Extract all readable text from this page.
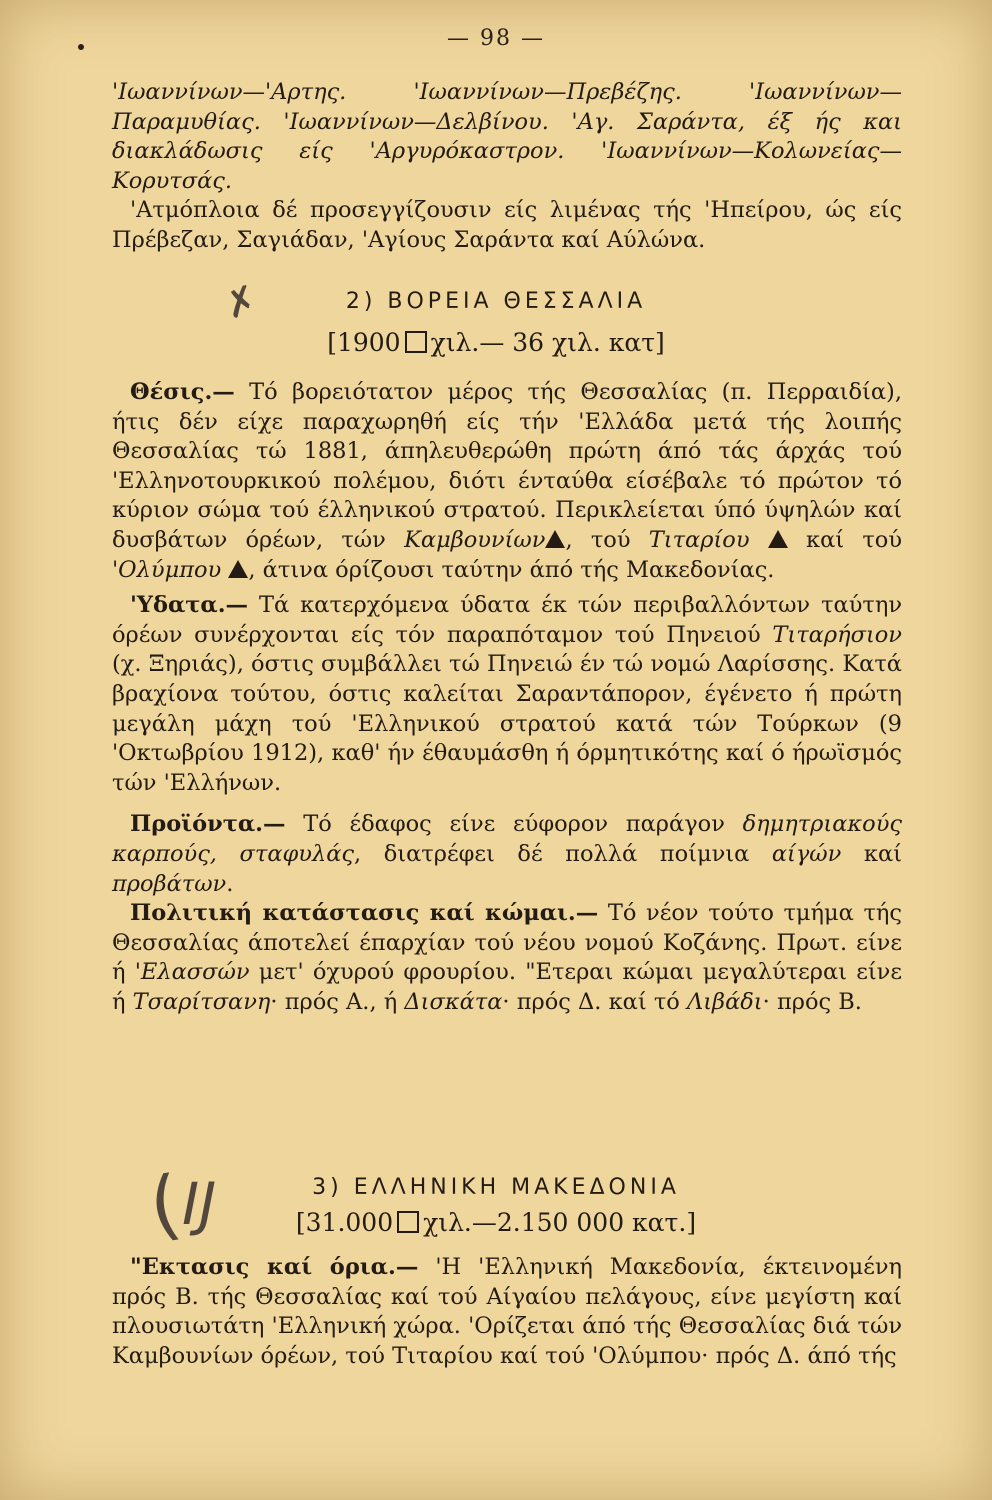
— 98 —

'Ιωαννίνων—'Αρτης. 'Ιωαννίνων—Πρεβέζης. 'Ιωαννίνων—Παραμυθίας. 'Ιωαννίνων—Δελβίνου. 'Αγ. Σαράντα, έξ ής και διακλάδωσις είς 'Αργυρόκαστρον. 'Ιωαννίνων—Κολωνείας—Κορυτσάς.

'Ατμόπλοια δέ προσεγγίζουσιν είς λιμένας τής 'Ηπείρου, ώς είς Πρέβεζαν, Σαγιάδαν, 'Αγίους Σαράντα καί Αύλώνα.

✗	2) ΒΟΡΕΙΑ ΘΕΣΣΑΛΙΑ
[1900 χιλ.— 36 χιλ. κατ]

Θέσις.— Τό βορειότατον μέρος τής Θεσσαλίας (π. Περραιδία), ήτις δέν είχε παραχωρηθή είς τήν 'Ελλάδα μετά τής λοιπής Θεσσαλίας τώ 1881, άπηλευθερώθη πρώτη άπό τάς άρχάς τού 'Ελληνοτουρκικού πολέμου, διότι ένταύθα είσέβαλε τό πρώτον τό κύριον σώμα τού έλληνικού στρατού. Περικλείεται ύπό ύψηλών καί δυσβάτων όρέων, τών Καμβουνίων , τού Τιταρίου  καί τού 'Ολύμπου , άτινα όρίζουσι ταύτην άπό τής Μακεδονίας.

'Υδατα.— Τά κατερχόμενα ύδατα έκ τών περιβαλλόντων ταύτην όρέων συνέρχονται είς τόν παραπόταμον τού Πηνειού Τιταρήσιον (χ. Ξηριάς), όστις συμβάλλει τώ Πηνειώ έν τώ νομώ Λαρίσσης. Κατά βραχίονα τούτου, όστις καλείται Σαραντάπορον, έγένετο ή πρώτη μεγάλη μάχη τού 'Ελληνικού στρατού κατά τών Τούρκων (9 'Οκτωβρίου 1912), καθ' ήν έθαυμάσθη ή όρμητικότης καί ό ήρωϊσμός τών 'Ελλήνων.

Προϊόντα.— Τό έδαφος είνε εύφορον παράγον δημητριακούς καρπούς, σταφυλάς, διατρέφει δέ πολλά ποίμνια αίγών καί προβάτων.

Πολιτική κατάστασις καί κώμαι.— Τό νέον τούτο τμήμα τής Θεσσαλίας άποτελεί έπαρχίαν τού νέου νομού Κοζάνης. Πρωτ. είνε ή 'Ελασσών μετ' όχυρού φρουρίου. "Ετεραι κώμαι μεγαλύτεραι είνε ή Τσαρίτσανη· πρός Α., ή Δισκάτα· πρός Δ. καί τό Λιβάδι· πρός Β.

(
IJ	3) ΕΛΛΗΝΙΚΗ ΜΑΚΕΔΟΝΙΑ
[31.000 χιλ.—2.150 000 κατ.]

"Εκτασις καί όρια.— 'Η 'Ελληνική Μακεδονία, έκτεινομένη πρός Β. τής Θεσσαλίας καί τού Αίγαίου πελάγους, είνε μεγίστη καί πλουσιωτάτη 'Ελληνική χώρα. 'Ορίζεται άπό τής Θεσσαλίας διά τών Καμβουνίων όρέων, τού Τιταρίου καί τού 'Ολύμπου· πρός Δ. άπό τής
